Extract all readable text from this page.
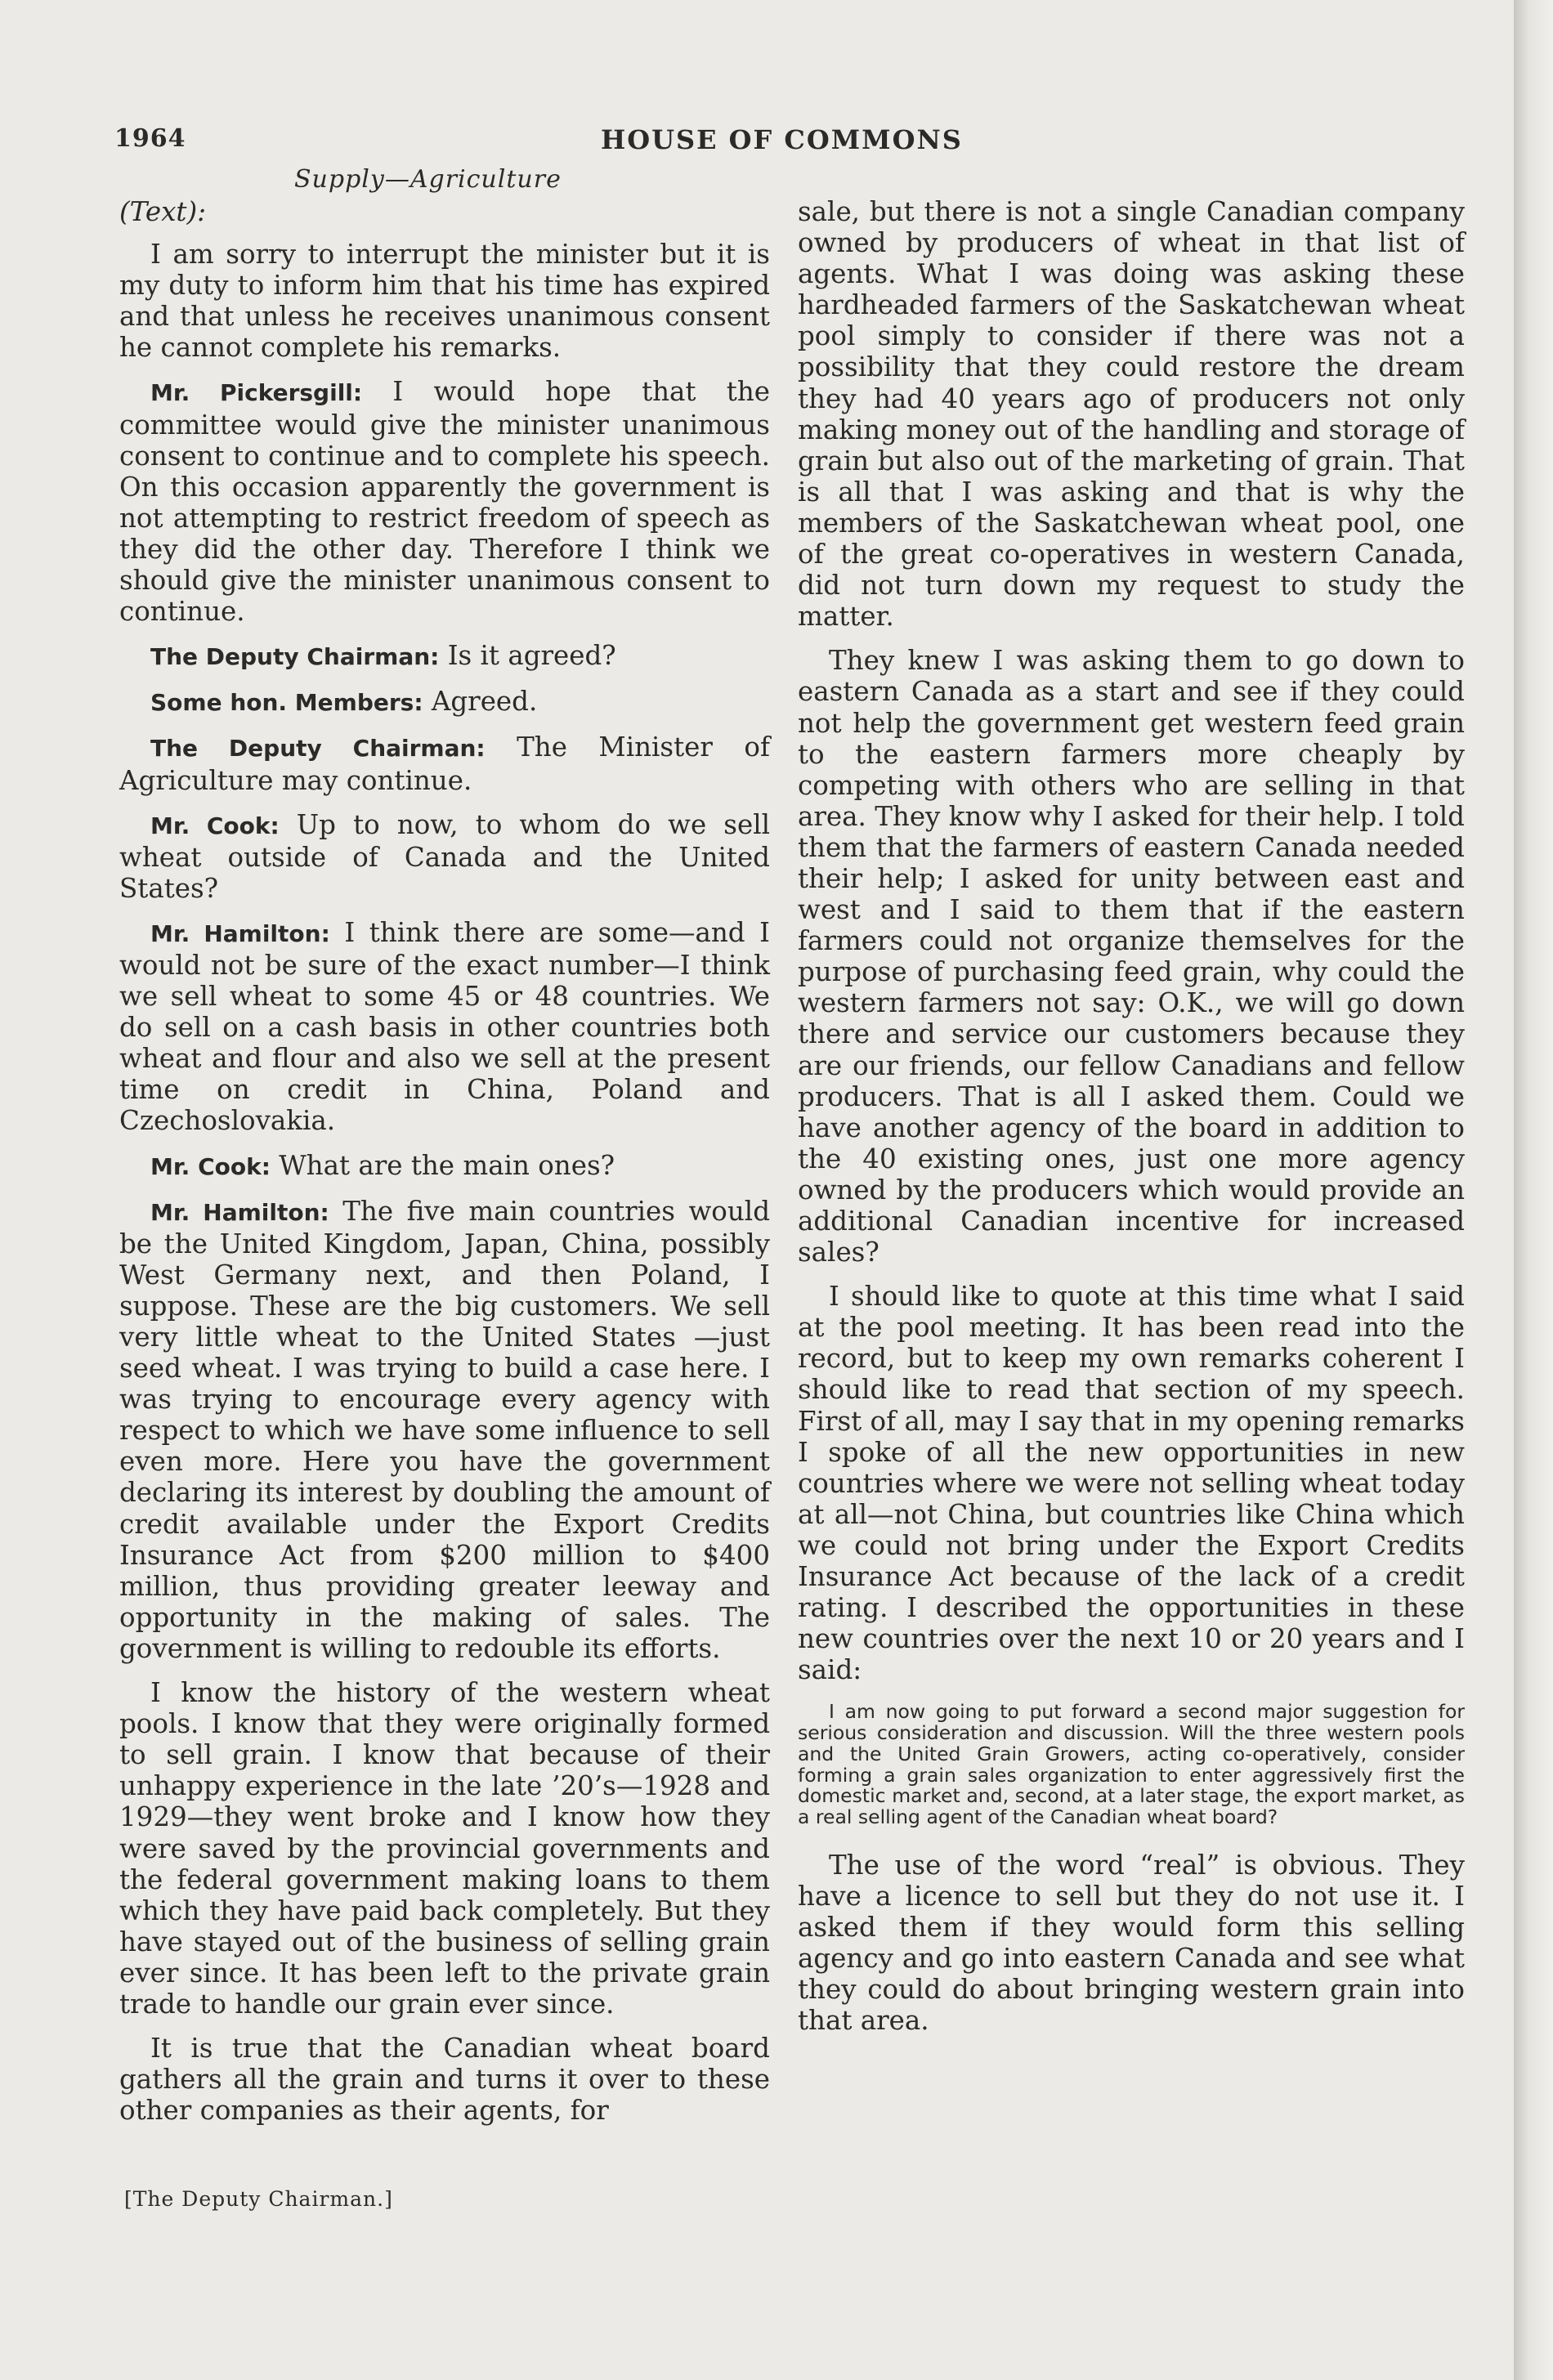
1964	HOUSE OF COMMONS
Supply—Agriculture

(Text):

I am sorry to interrupt the minister but it is my duty to inform him that his time has expired and that unless he receives unanimous consent he cannot complete his remarks.

Mr. Pickersgill: I would hope that the committee would give the minister unanimous consent to continue and to complete his speech. On this occasion apparently the government is not attempting to restrict freedom of speech as they did the other day. Therefore I think we should give the minister unanimous consent to continue.

The Deputy Chairman: Is it agreed?

Some hon. Members: Agreed.

The Deputy Chairman: The Minister of Agriculture may continue.

Mr. Cook: Up to now, to whom do we sell wheat outside of Canada and the United States?

Mr. Hamilton: I think there are some—and I would not be sure of the exact number—I think we sell wheat to some 45 or 48 countries. We do sell on a cash basis in other countries both wheat and flour and also we sell at the present time on credit in China, Poland and Czechoslovakia.

Mr. Cook: What are the main ones?

Mr. Hamilton: The five main countries would be the United Kingdom, Japan, China, possibly West Germany next, and then Poland, I suppose. These are the big customers. We sell very little wheat to the United States —just seed wheat. I was trying to build a case here. I was trying to encourage every agency with respect to which we have some influence to sell even more. Here you have the government declaring its interest by doubling the amount of credit available under the Export Credits Insurance Act from $200 million to $400 million, thus providing greater leeway and opportunity in the making of sales. The government is willing to redouble its efforts.

I know the history of the western wheat pools. I know that they were originally formed to sell grain. I know that because of their unhappy experience in the late ’20’s—1928 and 1929—they went broke and I know how they were saved by the provincial governments and the federal government making loans to them which they have paid back completely. But they have stayed out of the business of selling grain ever since. It has been left to the private grain trade to handle our grain ever since.

It is true that the Canadian wheat board gathers all the grain and turns it over to these other companies as their agents, for

sale, but there is not a single Canadian company owned by producers of wheat in that list of agents. What I was doing was asking these hardheaded farmers of the Saskatchewan wheat pool simply to consider if there was not a possibility that they could restore the dream they had 40 years ago of producers not only making money out of the handling and storage of grain but also out of the marketing of grain. That is all that I was asking and that is why the members of the Saskatchewan wheat pool, one of the great co-operatives in western Canada, did not turn down my request to study the matter.

They knew I was asking them to go down to eastern Canada as a start and see if they could not help the government get western feed grain to the eastern farmers more cheaply by competing with others who are selling in that area. They know why I asked for their help. I told them that the farmers of eastern Canada needed their help; I asked for unity between east and west and I said to them that if the eastern farmers could not organize themselves for the purpose of purchasing feed grain, why could the western farmers not say: O.K., we will go down there and service our customers because they are our friends, our fellow Canadians and fellow producers. That is all I asked them. Could we have another agency of the board in addition to the 40 existing ones, just one more agency owned by the producers which would provide an additional Canadian incentive for increased sales?

I should like to quote at this time what I said at the pool meeting. It has been read into the record, but to keep my own remarks coherent I should like to read that section of my speech. First of all, may I say that in my opening remarks I spoke of all the new opportunities in new countries where we were not selling wheat today at all—not China, but countries like China which we could not bring under the Export Credits Insurance Act because of the lack of a credit rating. I described the opportunities in these new countries over the next 10 or 20 years and I said:

I am now going to put forward a second major suggestion for serious consideration and discussion. Will the three western pools and the United Grain Growers, acting co-operatively, consider forming a grain sales organization to enter aggressively first the domestic market and, second, at a later stage, the export market, as a real selling agent of the Canadian wheat board?

The use of the word “real” is obvious. They have a licence to sell but they do not use it. I asked them if they would form this selling agency and go into eastern Canada and see what they could do about bringing western grain into that area.

[The Deputy Chairman.]
